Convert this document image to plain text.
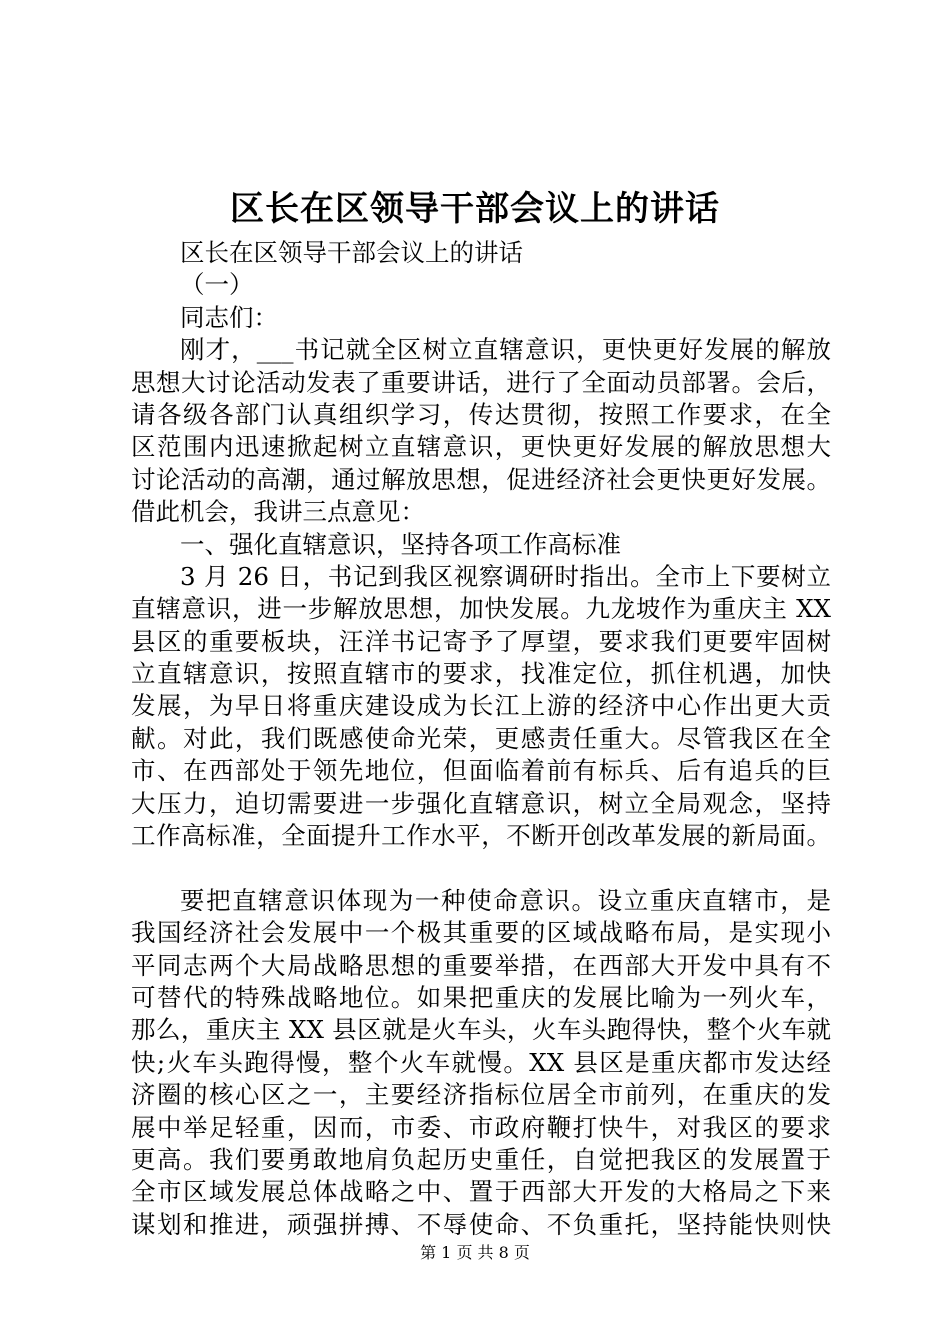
区长在区领导干部会议上的讲话
区长在区领导干部会议上的讲话
（一）
同志们：
刚才，___书记就全区树立直辖意识，更快更好发展的解放
思想大讨论活动发表了重要讲话，进行了全面动员部署。会后，
请各级各部门认真组织学习，传达贯彻，按照工作要求，在全
区范围内迅速掀起树立直辖意识，更快更好发展的解放思想大
讨论活动的高潮，通过解放思想，促进经济社会更快更好发展。
借此机会，我讲三点意见：
一、强化直辖意识，坚持各项工作高标准
3 月 26 日，书记到我区视察调研时指出。全市上下要树立
直辖意识，进一步解放思想，加快发展。九龙坡作为重庆主 XX
县区的重要板块，汪洋书记寄予了厚望，要求我们更要牢固树
立直辖意识，按照直辖市的要求，找准定位，抓住机遇，加快
发展，为早日将重庆建设成为长江上游的经济中心作出更大贡
献。对此，我们既感使命光荣，更感责任重大。尽管我区在全
市、在西部处于领先地位，但面临着前有标兵、后有追兵的巨
大压力，迫切需要进一步强化直辖意识，树立全局观念，坚持
工作高标准，全面提升工作水平，不断开创改革发展的新局面。
要把直辖意识体现为一种使命意识。设立重庆直辖市，是
我国经济社会发展中一个极其重要的区域战略布局，是实现小
平同志两个大局战略思想的重要举措，在西部大开发中具有不
可替代的特殊战略地位。如果把重庆的发展比喻为一列火车，
那么，重庆主 XX 县区就是火车头，火车头跑得快，整个火车就
快;火车头跑得慢，整个火车就慢。XX 县区是重庆都市发达经
济圈的核心区之一，主要经济指标位居全市前列，在重庆的发
展中举足轻重，因而，市委、市政府鞭打快牛，对我区的要求
更高。我们要勇敢地肩负起历史重任，自觉把我区的发展置于
全市区域发展总体战略之中、置于西部大开发的大格局之下来
谋划和推进，顽强拼搏、不辱使命、不负重托，坚持能快则快
第 1 页 共 8 页
